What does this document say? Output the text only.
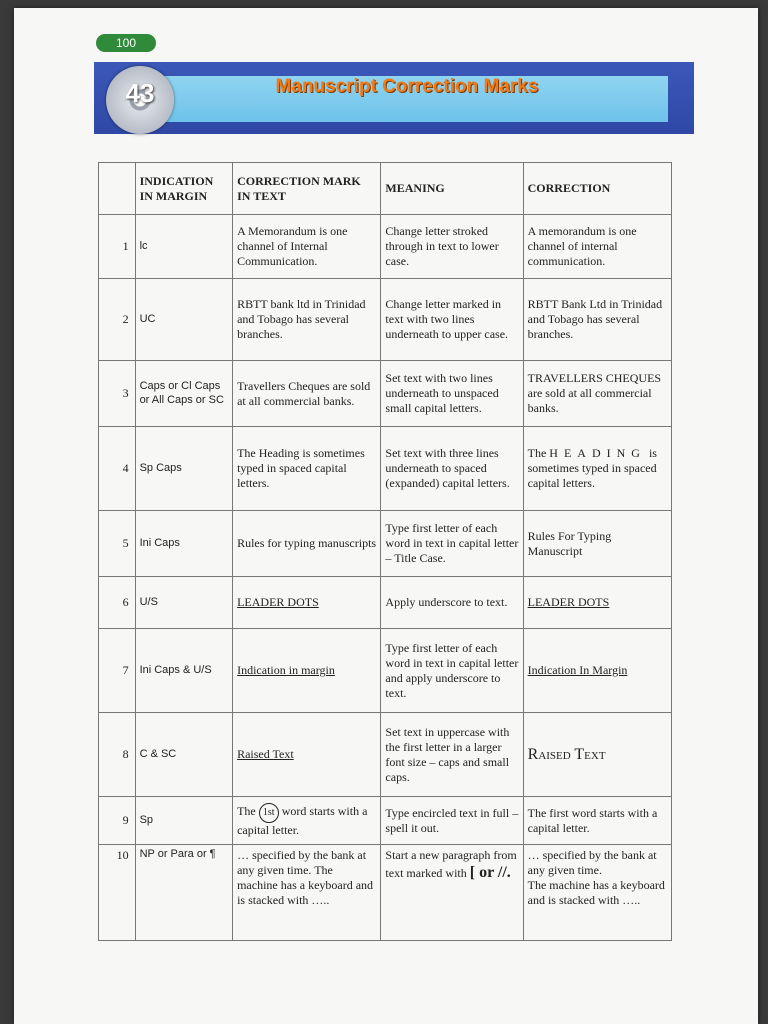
100
Manuscript Correction Marks
43
	INDICATION IN MARGIN	CORRECTION MARK IN TEXT	MEANING	CORRECTION
1	lc	A Memorandum is one channel of Internal Communication.	Change letter stroked through in text to lower case.	A memorandum is one channel of internal communication.
2	UC	RBTT bank ltd in Trinidad and Tobago has several branches.	Change letter marked in text with two lines underneath to upper case.	RBTT Bank Ltd in Trinidad and Tobago has several branches.
3	Caps or Cl Caps or All Caps or SC	Travellers Cheques are sold at all commercial banks.	Set text with two lines underneath to unspaced small capital letters.	TRAVELLERS CHEQUES are sold at all commercial banks.
4	Sp Caps	The Heading is sometimes typed in spaced capital letters.	Set text with three lines underneath to spaced (expanded) capital letters.	The HEADING is sometimes typed in spaced capital letters.
5	Ini Caps	Rules for typing manuscripts	Type first letter of each word in text in capital letter – Title Case.	Rules For Typing Manuscript
6	U/S	LEADER DOTS	Apply underscore to text.	LEADER DOTS
7	Ini Caps & U/S	Indication in margin	Type first letter of each word in text in capital letter and apply underscore to text.	Indication In Margin
8	C & SC	Raised Text	Set text in uppercase with the first letter in a larger font size – caps and small caps.	Raised Text
9	Sp	The 1st word starts with a capital letter.	Type encircled text in full – spell it out.	The first word starts with a capital letter.
10	NP or Para or ¶	… specified by the bank at any given time. The machine has a keyboard and is stacked with …..	Start a new paragraph from text marked with [ or //.	… specified by the bank at any given time.
The machine has a keyboard and is stacked with …..
